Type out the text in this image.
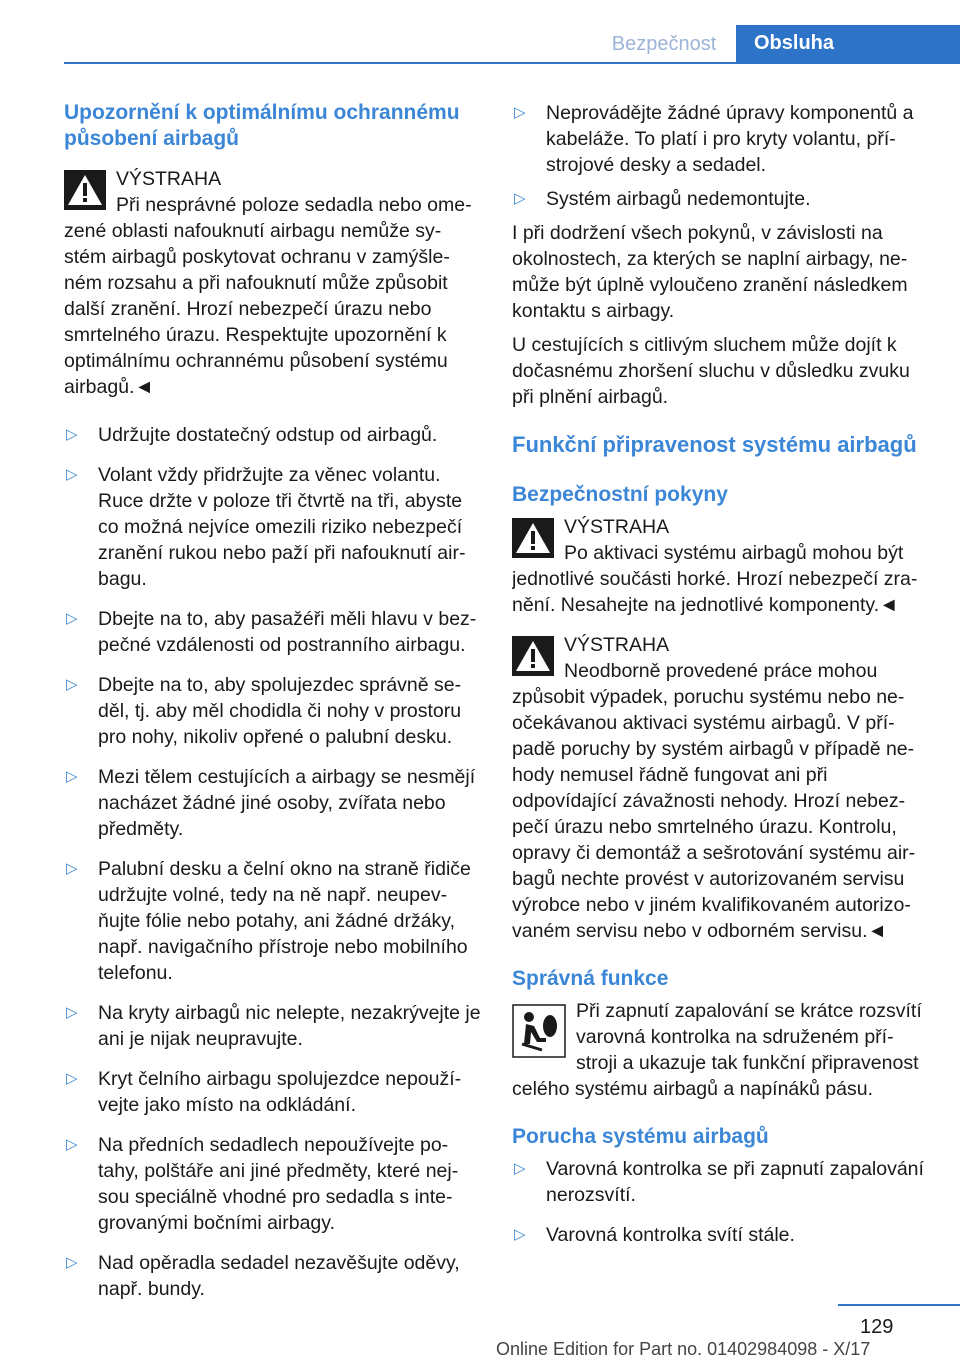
Bezpečnost	Obsluha
Upozornění k optimálnímu ochrannému působení airbagů
VÝSTRAHA

Při nesprávné poloze sedadla nebo ome‐ zené oblasti nafouknutí airbagu nemůže sy‐ stém airbagů poskytovat ochranu v zamýšle‐ ném rozsahu a při nafouknutí může způsobit další zranění. Hrozí nebezpečí úrazu nebo smrtelného úrazu. Respektujte upozornění k optimálnímu ochrannému působení systému airbagů.◄

▷ Udržujte dostatečný odstup od airbagů.
▷ Volant vždy přidržujte za věnec volantu. Ruce držte v poloze tři čtvrtě na tři, abyste co možná nejvíce omezili riziko nebezpečí zranění rukou nebo paží při nafouknutí air‐ bagu.
▷ Dbejte na to, aby pasažéři měli hlavu v bez‐ pečné vzdálenosti od postranního airbagu.
▷ Dbejte na to, aby spolujezdec správně se‐ děl, tj. aby měl chodidla či nohy v prostoru pro nohy, nikoliv opřené o palubní desku.
▷ Mezi tělem cestujících a airbagy se nesmějí nacházet žádné jiné osoby, zvířata nebo předměty.
▷ Palubní desku a čelní okno na straně řidiče udržujte volné, tedy na ně např. neupev‐ ňujte fólie nebo potahy, ani žádné držáky, např. navigačního přístroje nebo mobilního telefonu.
▷ Na kryty airbagů nic nelepte, nezakrývejte je ani je nijak neupravujte.
▷ Kryt čelního airbagu spolujezdce nepouží‐ vejte jako místo na odkládání.
▷ Na předních sedadlech nepoužívejte po‐ tahy, polštáře ani jiné předměty, které nej‐ sou speciálně vhodné pro sedadla s inte‐ grovanými bočními airbagy.
▷ Nad opěradla sedadel nezavěšujte oděvy, např. bundy.
▷ Neprovádějte žádné úpravy komponentů a kabeláže. To platí i pro kryty volantu, pří‐ strojové desky a sedadel.
▷ Systém airbagů nedemontujte.

I při dodržení všech pokynů, v závislosti na okolnostech, za kterých se naplní airbagy, ne‐ může být úplně vyloučeno zranění následkem kontaktu s airbagy.

U cestujících s citlivým sluchem může dojít k dočasnému zhoršení sluchu v důsledku zvuku při plnění airbagů.

Funkční připravenost systému airbagů
Bezpečnostní pokyny
VÝSTRAHA

Po aktivaci systému airbagů mohou být jednotlivé součásti horké. Hrozí nebezpečí zra‐ nění. Nesahejte na jednotlivé komponenty.◄

VÝSTRAHA

Neodborně provedené práce mohou způsobit výpadek, poruchu systému nebo ne‐ očekávanou aktivaci systému airbagů. V pří‐ padě poruchy by systém airbagů v případě ne‐ hody nemusel řádně fungovat ani při odpovídající závažnosti nehody. Hrozí nebez‐ pečí úrazu nebo smrtelného úrazu. Kontrolu, opravy či demontáž a sešrotování systému air‐ bagů nechte provést v autorizovaném servisu výrobce nebo v jiném kvalifikovaném autorizo‐ vaném servisu nebo v odborném servisu.◄

Správná funkce

Při zapnutí zapalování se krátce rozsvítí varovná kontrolka na sdruženém pří‐ stroji a ukazuje tak funkční připravenost celého systému airbagů a napínáků pásu.

Porucha systému airbagů
▷ Varovná kontrolka se při zapnutí zapalování nerozsvítí.
▷ Varovná kontrolka svítí stále.
129
Online Edition for Part no. 01402984098 - X/17
